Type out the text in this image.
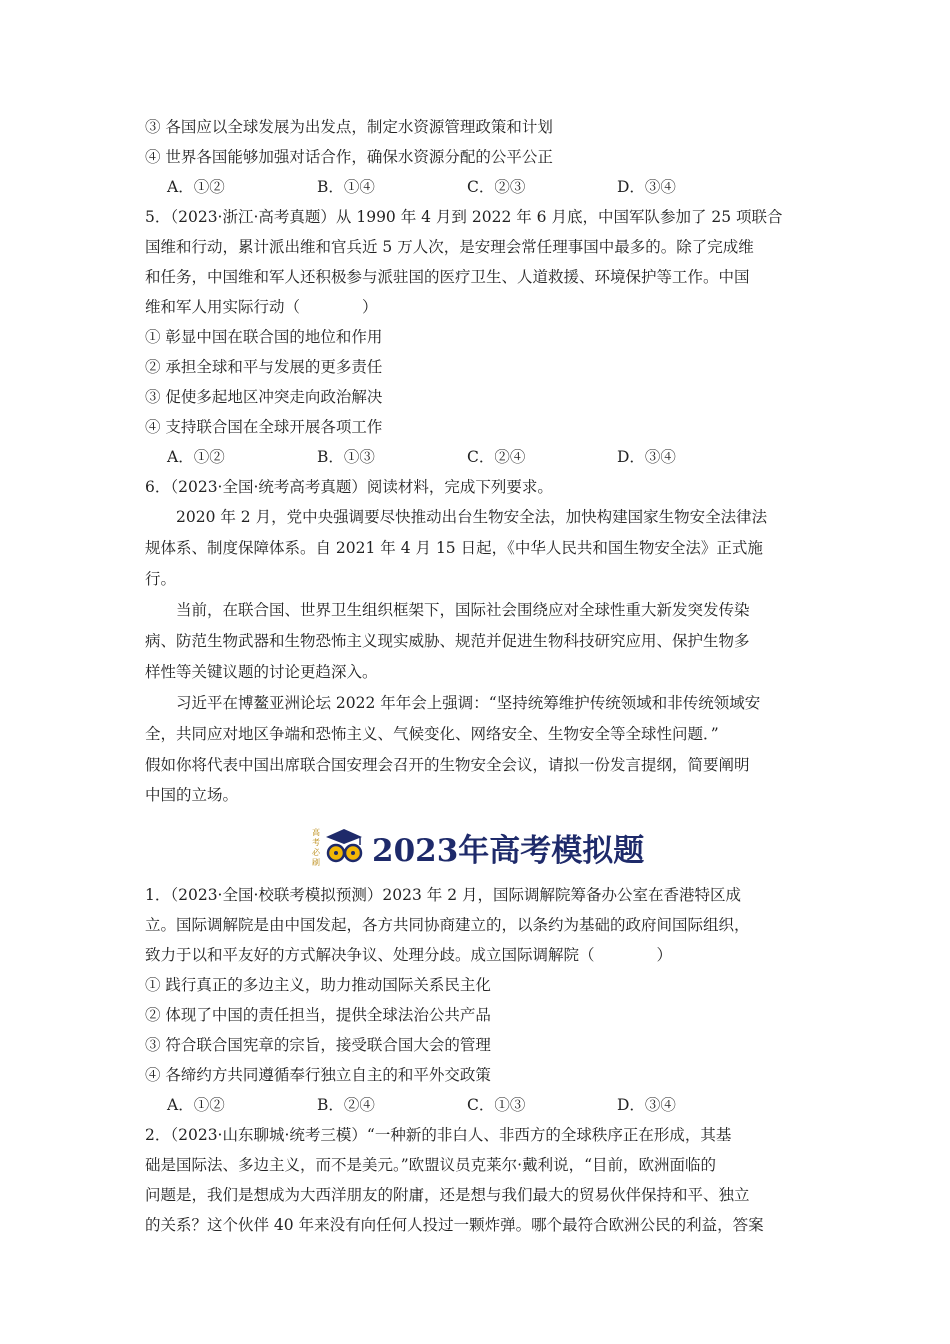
③ 各国应以全球发展为出发点，制定水资源管理政策和计划
④ 世界各国能够加强对话合作，确保水资源分配的公平公正
A．①②	B．①④	C．②③	D．③④
5．（2023·浙江·高考真题）从 1990 年 4 月到 2022 年 6 月底，中国军队参加了 25 项联合
国维和行动，累计派出维和官兵近 5 万人次，是安理会常任理事国中最多的。除了完成维
和任务，中国维和军人还积极参与派驻国的医疗卫生、人道救援、环境保护等工作。中国
维和军人用实际行动（　　　　）
① 彰显中国在联合国的地位和作用
② 承担全球和平与发展的更多责任
③ 促使多起地区冲突走向政治解决
④ 支持联合国在全球开展各项工作
A．①②	B．①③	C．②④	D．③④
6．（2023·全国·统考高考真题）阅读材料，完成下列要求。
2020 年 2 月，党中央强调要尽快推动出台生物安全法，加快构建国家生物安全法律法
规体系、制度保障体系。自 2021 年 4 月 15 日起，《中华人民共和国生物安全法》正式施
行。
当前，在联合国、世界卫生组织框架下，国际社会围绕应对全球性重大新发突发传染
病、防范生物武器和生物恐怖主义现实威胁、规范并促进生物科技研究应用、保护生物多
样性等关键议题的讨论更趋深入。
习近平在博鳌亚洲论坛 2022 年年会上强调：“坚持统筹维护传统领域和非传统领域安
全，共同应对地区争端和恐怖主义、气候变化、网络安全、生物安全等全球性问题．”
假如你将代表中国出席联合国安理会召开的生物安全会议，请拟一份发言提纲，简要阐明
中国的立场。
高
考
必
刷 2023年高考模拟题
1．（2023·全国·校联考模拟预测）2023 年 2 月，国际调解院筹备办公室在香港特区成
立。国际调解院是由中国发起，各方共同协商建立的，以条约为基础的政府间国际组织，
致力于以和平友好的方式解决争议、处理分歧。成立国际调解院（　　　　）
① 践行真正的多边主义，助力推动国际关系民主化
② 体现了中国的责任担当，提供全球法治公共产品
③ 符合联合国宪章的宗旨，接受联合国大会的管理
④ 各缔约方共同遵循奉行独立自主的和平外交政策
A．①②	B．②④	C．①③	D．③④
2．（2023·山东聊城·统考三模）“一种新的非白人、非西方的全球秩序正在形成，其基
础是国际法、多边主义，而不是美元。”欧盟议员克莱尔·戴利说，“目前，欧洲面临的
问题是，我们是想成为大西洋朋友的附庸，还是想与我们最大的贸易伙伴保持和平、独立
的关系？这个伙伴 40 年来没有向任何人投过一颗炸弹。哪个最符合欧洲公民的利益，答案
